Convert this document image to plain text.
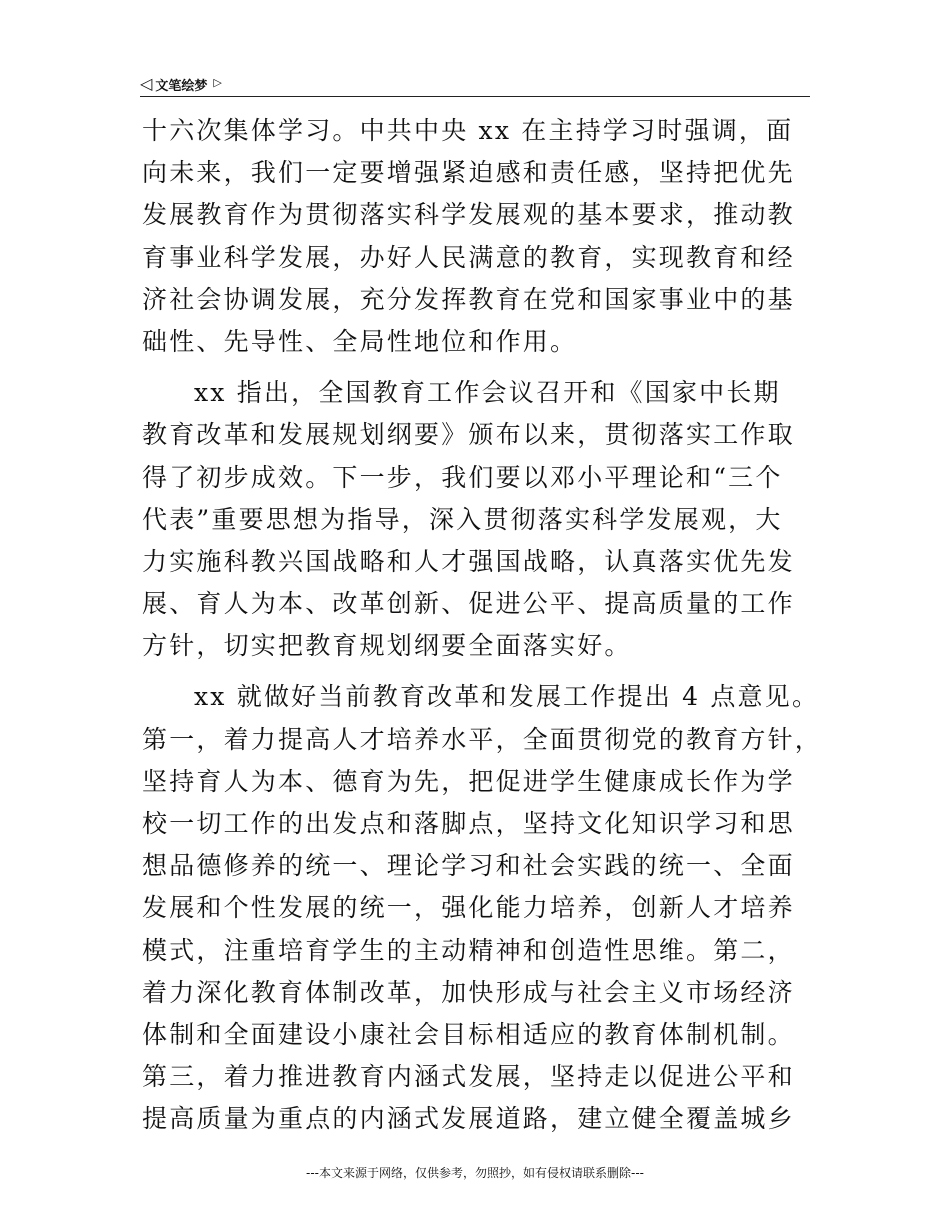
◁ 文笔绘梦 ▷
十六次集体学习。中共中央 xx 在主持学习时强调，面
向未来，我们一定要增强紧迫感和责任感，坚持把优先
发展教育作为贯彻落实科学发展观的基本要求，推动教
育事业科学发展，办好人民满意的教育，实现教育和经
济社会协调发展，充分发挥教育在党和国家事业中的基
础性、先导性、全局性地位和作用。
xx 指出，全国教育工作会议召开和《国家中长期
教育改革和发展规划纲要》颁布以来，贯彻落实工作取
得了初步成效。下一步，我们要以邓小平理论和“三个
代表”重要思想为指导，深入贯彻落实科学发展观，大
力实施科教兴国战略和人才强国战略，认真落实优先发
展、育人为本、改革创新、促进公平、提高质量的工作
方针，切实把教育规划纲要全面落实好。
xx 就做好当前教育改革和发展工作提出 4 点意见。
第一，着力提高人才培养水平，全面贯彻党的教育方针，
坚持育人为本、德育为先，把促进学生健康成长作为学
校一切工作的出发点和落脚点，坚持文化知识学习和思
想品德修养的统一、理论学习和社会实践的统一、全面
发展和个性发展的统一，强化能力培养，创新人才培养
模式，注重培育学生的主动精神和创造性思维。第二，
着力深化教育体制改革，加快形成与社会主义市场经济
体制和全面建设小康社会目标相适应的教育体制机制。
第三，着力推进教育内涵式发展，坚持走以促进公平和
提高质量为重点的内涵式发展道路，建立健全覆盖城乡
---本文来源于网络，仅供参考，勿照抄，如有侵权请联系删除---
